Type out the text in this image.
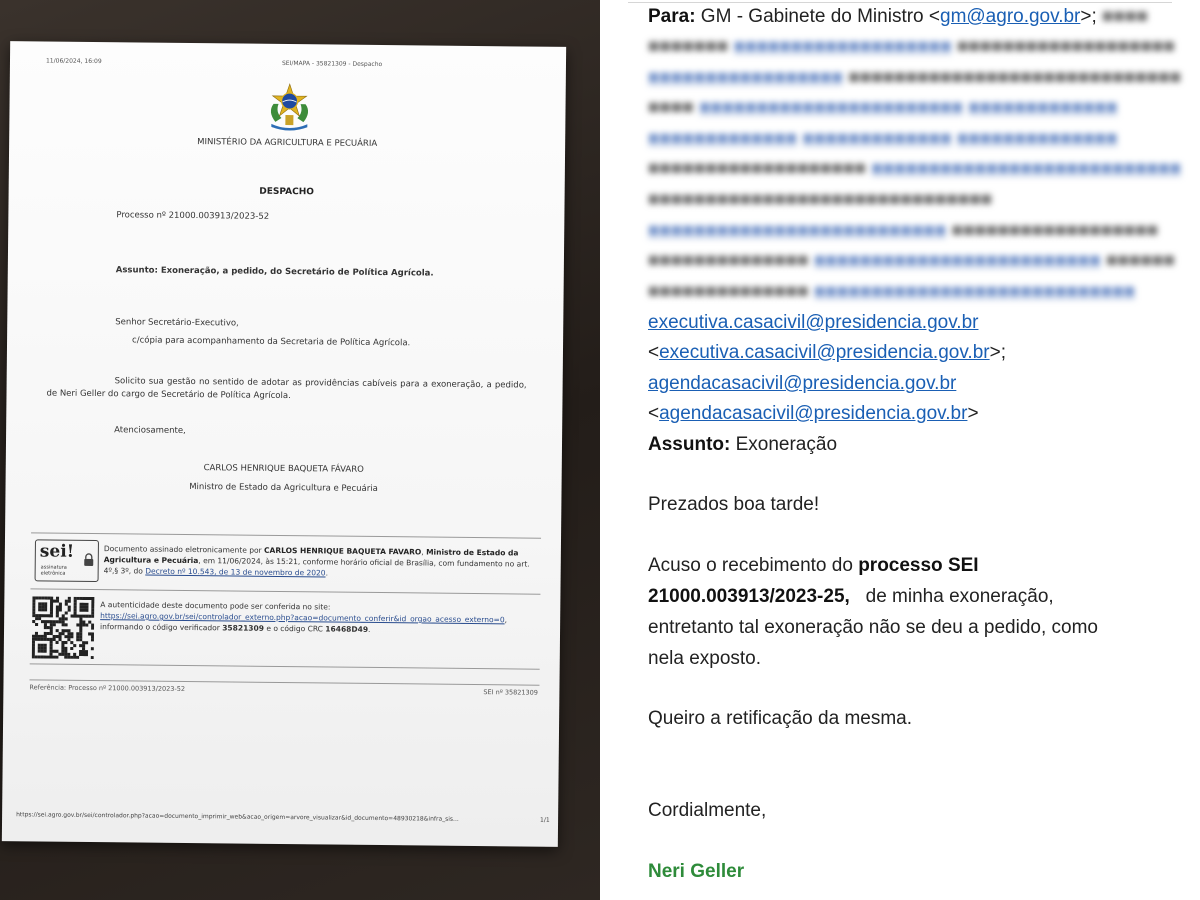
11/06/2024, 16:09	SEI/MAPA - 35821309 - Despacho
MINISTÉRIO DA AGRICULTURA E PECUÁRIA
DESPACHO
Processo nº 21000.003913/2023-52
Assunto: Exoneração, a pedido, do Secretário de Política Agrícola.
Senhor Secretário-Executivo,
c/cópia para acompanhamento da Secretaria de Política Agrícola.
Solicito sua gestão no sentido de adotar as providências cabíveis para a exoneração, a pedido, de Neri Geller do cargo de Secretário de Política Agrícola.
Atenciosamente,
CARLOS HENRIQUE BAQUETA FÁVARO
Ministro de Estado da Agricultura e Pecuária
sei!
assinatura
eletrônica
Documento assinado eletronicamente por CARLOS HENRIQUE BAQUETA FAVARO, Ministro de Estado da Agricultura e Pecuária, em 11/06/2024, às 15:21, conforme horário oficial de Brasília, com fundamento no art. 4º,§ 3º, do Decreto nº 10.543, de 13 de novembro de 2020.
A autenticidade deste documento pode ser conferida no site:
https://sei.agro.gov.br/sei/controlador_externo.php?acao=documento_conferir&id_orgao_acesso_externo=0, informando o código verificador 35821309 e o código CRC 16468D49.
Referência: Processo nº 21000.003913/2023-52	SEI nº 35821309
https://sei.agro.gov.br/sei/controlador.php?acao=documento_imprimir_web&acao_origem=arvore_visualizar&id_documento=48930218&infra_sis...	1/1
Para: GM - Gabinete do Ministro <gm@agro.gov.br>; ■■■■
■■■■■■■ ■■■■■■■■■■■■■■■■■■■ ■■■■■■■■■■■■■■■■■■■
■■■■■■■■■■■■■■■■■ ■■■■■■■■■■■■■■■■■■■■■■■■■■■■■
■■■■ ■■■■■■■■■■■■■■■■■■■■■■■ ■■■■■■■■■■■■■
■■■■■■■■■■■■■ ■■■■■■■■■■■■■ ■■■■■■■■■■■■■■
■■■■■■■■■■■■■■■■■■■ ■■■■■■■■■■■■■■■■■■■■■■■■■■■
■■■■■■■■■■■■■■■■■■■■■■■■■■■■■■
■■■■■■■■■■■■■■■■■■■■■■■■■■ ■■■■■■■■■■■■■■■■■■
■■■■■■■■■■■■■■ ■■■■■■■■■■■■■■■■■■■■■■■■■ ■■■■■■
■■■■■■■■■■■■■■ ■■■■■■■■■■■■■■■■■■■■■■■■■■■■
executiva.casacivil@presidencia.gov.br
<executiva.casacivil@presidencia.gov.br>;
agendacasacivil@presidencia.gov.br
<agendacasacivil@presidencia.gov.br>
Assunto: Exoneração
Prezados boa tarde!
Acuso o recebimento do processo SEI
21000.003913/2023-25,   de minha exoneração,
entretanto tal exoneração não se deu a pedido, como
nela exposto.
Queiro a retificação da mesma.
Cordialmente,
Neri Geller
